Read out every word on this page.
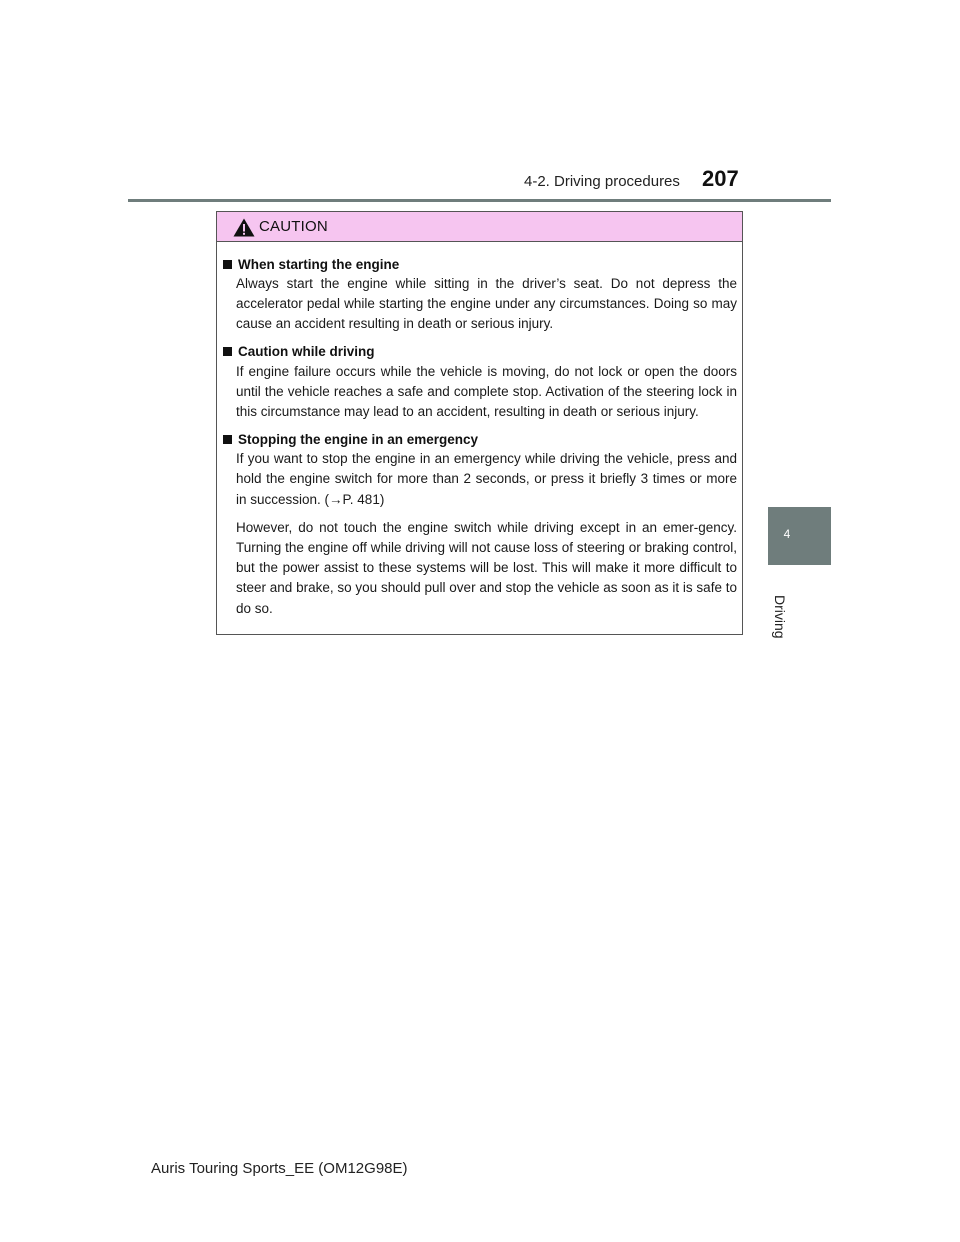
4-2. Driving procedures 207
4
Driving
CAUTION
When starting the engine

Always start the engine while sitting in the driver’s seat. Do not depress the accelerator pedal while starting the engine under any circumstances. Doing so may cause an accident resulting in death or serious injury.

Caution while driving

If engine failure occurs while the vehicle is moving, do not lock or open the doors until the vehicle reaches a safe and complete stop. Activation of the steering lock in this circumstance may lead to an accident, resulting in death or serious injury.

Stopping the engine in an emergency

If you want to stop the engine in an emergency while driving the vehicle, press and hold the engine switch for more than 2 seconds, or press it briefly 3 times or more in succession. (→P. 481)

However, do not touch the engine switch while driving except in an emer-gency. Turning the engine off while driving will not cause loss of steering or braking control, but the power assist to these systems will be lost. This will make it more difficult to steer and brake, so you should pull over and stop the vehicle as soon as it is safe to do so.

Auris Touring Sports_EE (OM12G98E)
